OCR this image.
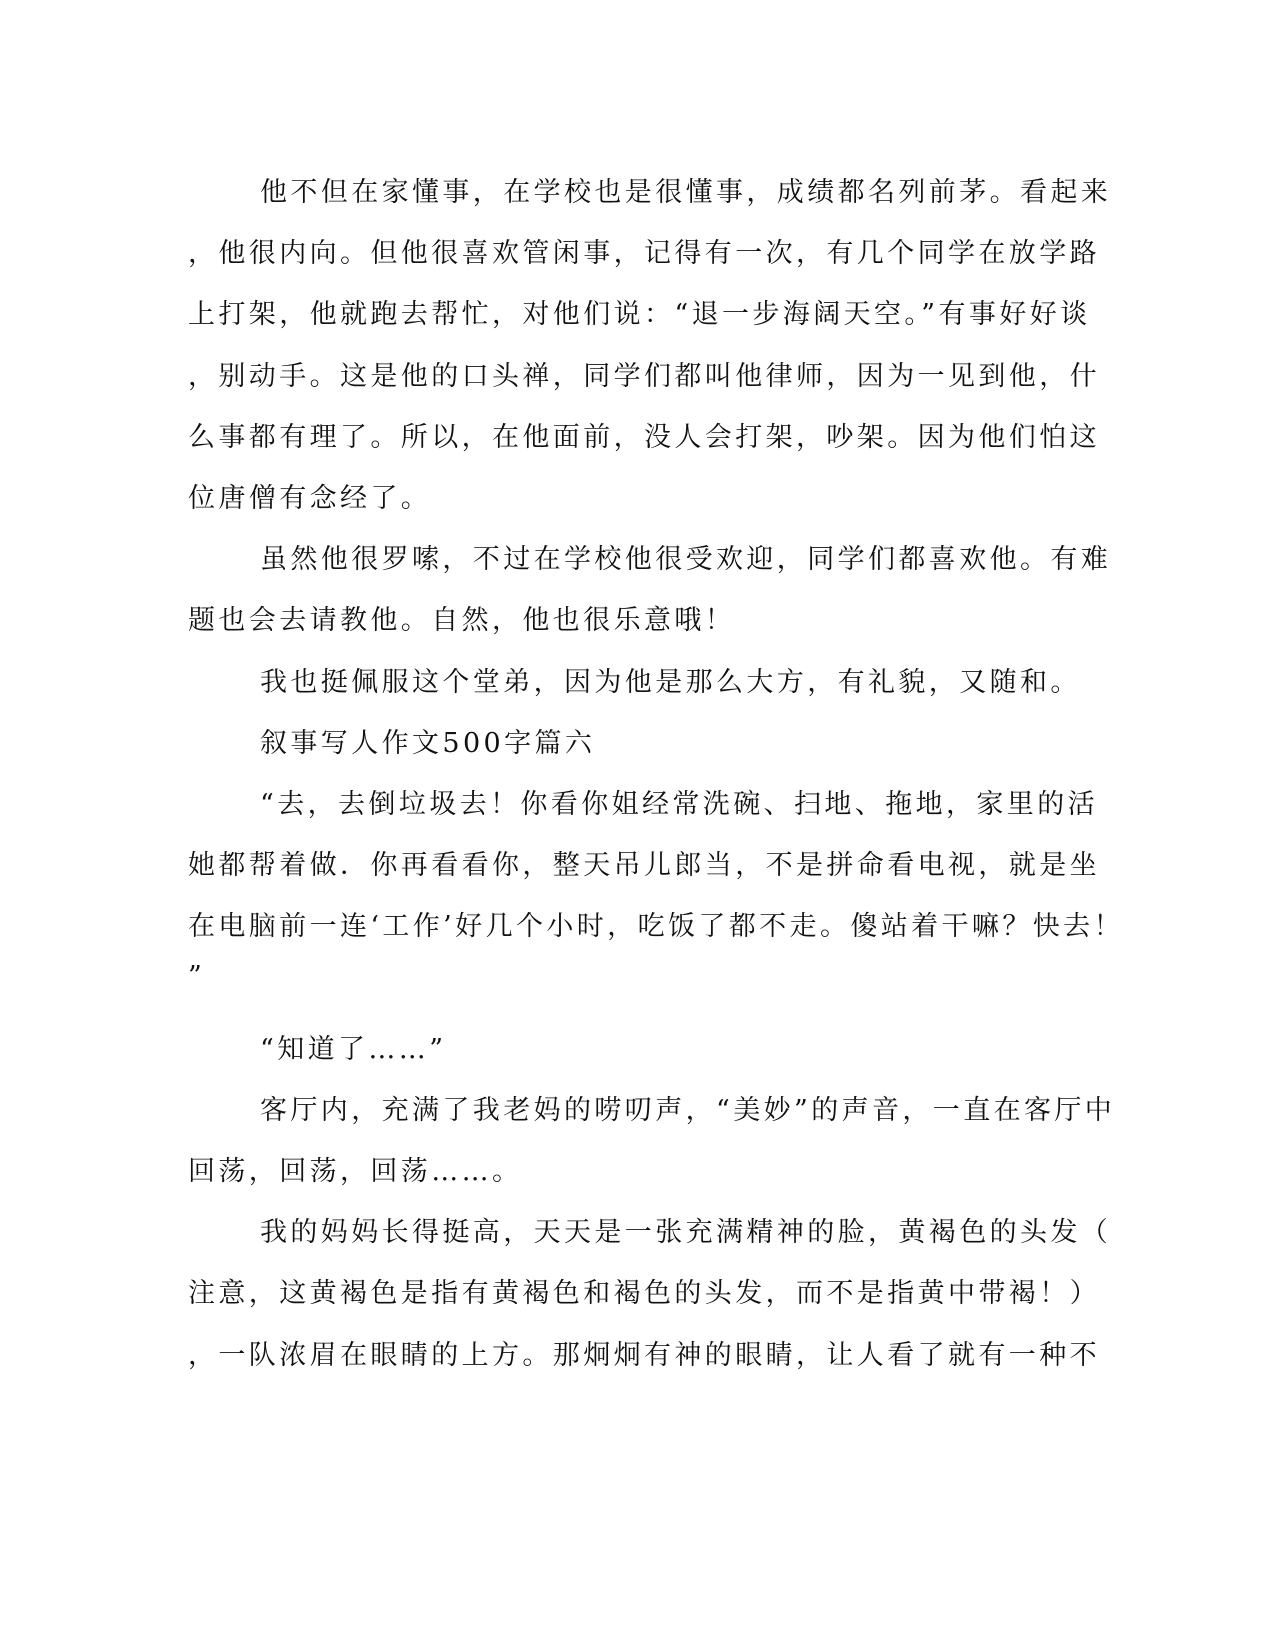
他不但在家懂事，在学校也是很懂事，成绩都名列前茅。看起来
，他很内向。但他很喜欢管闲事，记得有一次，有几个同学在放学路
上打架，他就跑去帮忙，对他们说：“退一步海阔天空。”有事好好谈
，别动手。这是他的口头禅，同学们都叫他律师，因为一见到他，什
么事都有理了。所以，在他面前，没人会打架，吵架。因为他们怕这
位唐僧有念经了。
虽然他很罗嗦，不过在学校他很受欢迎，同学们都喜欢他。有难
题也会去请教他。自然，他也很乐意哦！
我也挺佩服这个堂弟，因为他是那么大方，有礼貌，又随和。
叙事写人作文500字篇六
“去，去倒垃圾去！你看你姐经常洗碗、扫地、拖地，家里的活
她都帮着做．你再看看你，整天吊儿郎当，不是拼命看电视，就是坐
在电脑前一连‘工作’好几个小时，吃饭了都不走。傻站着干嘛？快去！
”
“知道了……”
客厅内，充满了我老妈的唠叨声，“美妙”的声音，一直在客厅中
回荡，回荡，回荡……。
我的妈妈长得挺高，天天是一张充满精神的脸，黄褐色的头发（
注意，这黄褐色是指有黄褐色和褐色的头发，而不是指黄中带褐！）
，一队浓眉在眼睛的上方。那炯炯有神的眼睛，让人看了就有一种不
